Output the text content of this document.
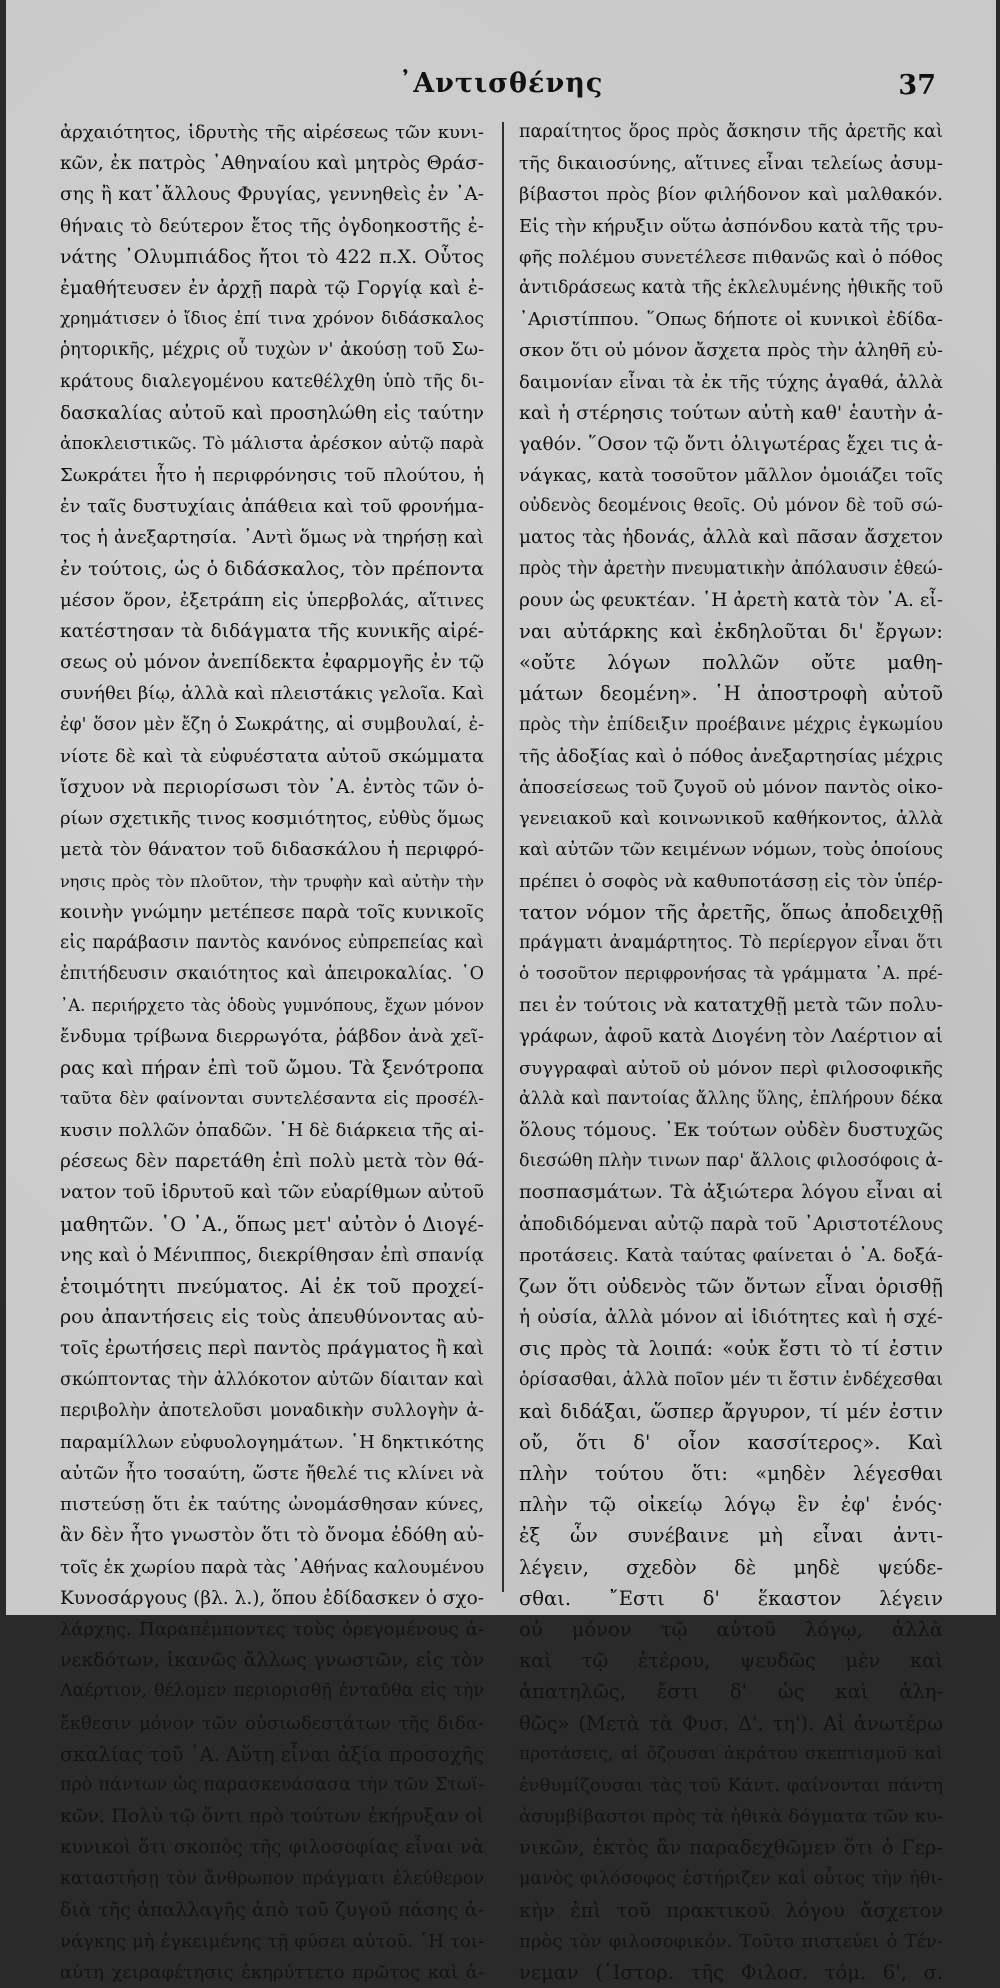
᾿Αντισθένης	37
ἀρχαιότητος, ἱδρυτὴς τῆς αἱρέσεως τῶν κυνι-
κῶν, ἐκ πατρὸς ᾿Αθηναίου καὶ μητρὸς Θράσ-
σης ἢ κατ᾿ἄλλους Φρυγίας, γεννηθεὶς ἐν ᾿Α-
θήναις τὸ δεύτερον ἔτος τῆς ὀγδοηκοστῆς ἐ-
νάτης ᾿Ολυμπιάδος ἤτοι τὸ 422 π.Χ. Οὗτος
ἐμαθήτευσεν ἐν ἀρχῇ παρὰ τῷ Γοργίᾳ καὶ ἐ-
χρημάτισεν ὁ ἴδιος ἐπί τινα χρόνον διδάσκαλος
ῥητορικῆς, μέχρις οὗ τυχὼν ν' ἀκούσῃ τοῦ Σω-
κράτους διαλεγομένου κατεθέλχθη ὑπὸ τῆς δι-
δασκαλίας αὐτοῦ καὶ προσηλώθη εἰς ταύτην
ἀποκλειστικῶς. Τὸ μάλιστα ἀρέσκον αὐτῷ παρὰ
Σωκράτει ἦτο ἡ περιφρόνησις τοῦ πλούτου, ἡ
ἐν ταῖς δυστυχίαις ἀπάθεια καὶ τοῦ φρονήμα-
τος ἡ ἀνεξαρτησία. ᾿Αντὶ ὅμως νὰ τηρήσῃ καὶ
ἐν τούτοις, ὡς ὁ διδάσκαλος, τὸν πρέποντα
μέσον ὅρον, ἐξετράπη εἰς ὑπερβολάς, αἵτινες
κατέστησαν τὰ διδάγματα τῆς κυνικῆς αἱρέ-
σεως οὐ μόνον ἀνεπίδεκτα ἐφαρμογῆς ἐν τῷ
συνήθει βίῳ, ἀλλὰ καὶ πλειστάκις γελοῖα. Καὶ
ἐφ' ὅσον μὲν ἔζη ὁ Σωκράτης, αἱ συμβουλαί, ἐ-
νίοτε δὲ καὶ τὰ εὐφυέστατα αὐτοῦ σκώμματα
ἴσχυον νὰ περιορίσωσι τὸν ᾿Α. ἐντὸς τῶν ὁ-
ρίων σχετικῆς τινος κοσμιότητος, εὐθὺς ὅμως
μετὰ τὸν θάνατον τοῦ διδασκάλου ἡ περιφρό-
νησις πρὸς τὸν πλοῦτον, τὴν τρυφὴν καὶ αὐτὴν τὴν
κοινὴν γνώμην μετέπεσε παρὰ τοῖς κυνικοῖς
εἰς παράβασιν παντὸς κανόνος εὐπρεπείας καὶ
ἐπιτήδευσιν σκαιότητος καὶ ἀπειροκαλίας. ῾Ο
᾿Α. περιήρχετο τὰς ὁδοὺς γυμνόπους, ἔχων μόνον
ἔνδυμα τρίβωνα διερρωγότα, ῥάβδον ἀνὰ χεῖ-
ρας καὶ πήραν ἐπὶ τοῦ ὤμου. Τὰ ξενότροπα
ταῦτα δὲν φαίνονται συντελέσαντα εἰς προσέλ-
κυσιν πολλῶν ὀπαδῶν. ῾Η δὲ διάρκεια τῆς αἱ-
ρέσεως δὲν παρετάθη ἐπὶ πολὺ μετὰ τὸν θά-
νατον τοῦ ἱδρυτοῦ καὶ τῶν εὐαρίθμων αὐτοῦ
μαθητῶν. ῾Ο ᾿Α., ὅπως μετ' αὐτὸν ὁ Διογέ-
νης καὶ ὁ Μένιππος, διεκρίθησαν ἐπὶ σπανίᾳ
ἑτοιμότητι πνεύματος. Αἱ ἐκ τοῦ προχεί-
ρου ἀπαντήσεις εἰς τοὺς ἀπευθύνοντας αὐ-
τοῖς ἐρωτήσεις περὶ παντὸς πράγματος ἢ καὶ
σκώπτοντας τὴν ἀλλόκοτον αὐτῶν δίαιταν καὶ
περιβολὴν ἀποτελοῦσι μοναδικὴν συλλογὴν ἀ-
παραμίλλων εὐφυολογημάτων. ῾Η δηκτικότης
αὐτῶν ἦτο τοσαύτη, ὥστε ἤθελέ τις κλίνει νὰ
πιστεύσῃ ὅτι ἐκ ταύτης ὠνομάσθησαν κύνες,
ἂν δὲν ἦτο γνωστὸν ὅτι τὸ ὄνομα ἐδόθη αὐ-
τοῖς ἐκ χωρίου παρὰ τὰς ᾿Αθήνας καλουμένου
Κυνοσάργους (βλ. λ.), ὅπου ἐδίδασκεν ὁ σχο-
λάρχης. Παραπέμποντες τοὺς ὀρεγομένους ἀ-
νεκδότων, ἱκανῶς ἄλλως γνωστῶν, εἰς τὸν
Λαέρτιον, θέλομεν περιορισθῇ ἐνταῦθα εἰς τὴν
ἔκθεσιν μόνον τῶν οὐσιωδεστάτων τῆς διδα-
σκαλίας τοῦ ᾿Α. Αὕτη εἶναι ἀξία προσοχῆς
πρὸ πάντων ὡς παρασκευάσασα τὴν τῶν Στωϊ-
κῶν. Πολὺ τῷ ὄντι πρὸ τούτων ἐκήρυξαν οἱ
κυνικοὶ ὅτι σκοπὸς τῆς φιλοσοφίας εἶναι νὰ
καταστήσῃ τὸν ἄνθρωπον πράγματι ἐλεύθερον
διὰ τῆς ἀπαλλαγῆς ἀπὸ τοῦ ζυγοῦ πάσης ἀ-
νάγκης μὴ ἐγκειμένης τῇ φύσει αὐτοῦ. ῾Η τοι-
αύτη χειραφέτησις ἐκηρύττετο πρῶτος καὶ ἀ-
παραίτητος ὅρος πρὸς ἄσκησιν τῆς ἀρετῆς καὶ
τῆς δικαιοσύνης, αἵτινες εἶναι τελείως ἀσυμ-
βίβαστοι πρὸς βίον φιλήδονον καὶ μαλθακόν.
Εἰς τὴν κήρυξιν οὕτω ἀσπόνδου κατὰ τῆς τρυ-
φῆς πολέμου συνετέλεσε πιθανῶς καὶ ὁ πόθος
ἀντιδράσεως κατὰ τῆς ἐκλελυμένης ἠθικῆς τοῦ
᾿Αριστίππου. ῞Οπως δήποτε οἱ κυνικοὶ ἐδίδα-
σκον ὅτι οὐ μόνον ἄσχετα πρὸς τὴν ἀληθῆ εὐ-
δαιμονίαν εἶναι τὰ ἐκ τῆς τύχης ἀγαθά, ἀλλὰ
καὶ ἡ στέρησις τούτων αὐτὴ καθ' ἑαυτὴν ἀ-
γαθόν. ῞Οσον τῷ ὄντι ὀλιγωτέρας ἔχει τις ἀ-
νάγκας, κατὰ τοσοῦτον μᾶλλον ὁμοιάζει τοῖς
οὐδενὸς δεομένοις θεοῖς. Οὐ μόνον δὲ τοῦ σώ-
ματος τὰς ἡδονάς, ἀλλὰ καὶ πᾶσαν ἄσχετον
πρὸς τὴν ἀρετὴν πνευματικὴν ἀπόλαυσιν ἐθεώ-
ρουν ὡς φευκτέαν. ῾Η ἀρετὴ κατὰ τὸν ᾿Α. εἶ-
ναι αὐτάρκης καὶ ἐκδηλοῦται δι' ἔργων:
«οὔτε λόγων πολλῶν οὔτε μαθη-
μάτων δεομένη». ῾Η ἀποστροφὴ αὐτοῦ
πρὸς τὴν ἐπίδειξιν προέβαινε μέχρις ἐγκωμίου
τῆς ἀδοξίας καὶ ὁ πόθος ἀνεξαρτησίας μέχρις
ἀποσείσεως τοῦ ζυγοῦ οὐ μόνον παντὸς οἰκο-
γενειακοῦ καὶ κοινωνικοῦ καθήκοντος, ἀλλὰ
καὶ αὐτῶν τῶν κειμένων νόμων, τοὺς ὁποίους
πρέπει ὁ σοφὸς νὰ καθυποτάσσῃ εἰς τὸν ὑπέρ-
τατον νόμον τῆς ἀρετῆς, ὅπως ἀποδειχθῇ
πράγματι ἀναμάρτητος. Τὸ περίεργον εἶναι ὅτι
ὁ τοσοῦτον περιφρονήσας τὰ γράμματα ᾿Α. πρέ-
πει ἐν τούτοις νὰ κατατχθῇ μετὰ τῶν πολυ-
γράφων, ἀφοῦ κατὰ Διογένη τὸν Λαέρτιον αἱ
συγγραφαὶ αὐτοῦ οὐ μόνον περὶ φιλοσοφικῆς
ἀλλὰ καὶ παντοίας ἄλλης ὕλης, ἐπλήρουν δέκα
ὅλους τόμους. ᾿Εκ τούτων οὐδὲν δυστυχῶς
διεσώθη πλὴν τινων παρ' ἄλλοις φιλοσόφοις ἀ-
ποσπασμάτων. Τὰ ἀξιώτερα λόγου εἶναι αἱ
ἀποδιδόμεναι αὐτῷ παρὰ τοῦ ᾿Αριστοτέλους
προτάσεις. Κατὰ ταύτας φαίνεται ὁ ᾿Α. δοξά-
ζων ὅτι οὐδενὸς τῶν ὄντων εἶναι ὁρισθῇ
ἡ οὐσία, ἀλλὰ μόνον αἱ ἰδιότητες καὶ ἡ σχέ-
σις πρὸς τὰ λοιπά: «οὐκ ἔστι τὸ τί ἐστιν
ὁρίσασθαι, ἀλλὰ ποῖον μέν τι ἔστιν ἐνδέχεσθαι
καὶ διδάξαι, ὥσπερ ἄργυρον, τί μέν ἐστιν
οὔ, ὅτι δ' οἷον κασσίτερος». Καὶ
πλὴν τούτου ὅτι: «μηδὲν λέγεσθαι
πλὴν τῷ οἰκείῳ λόγῳ ἓν ἐφ' ἑνός·
ἐξ ὧν συνέβαινε μὴ εἶναι ἀντι-
λέγειν, σχεδὸν δὲ μηδὲ ψεύδε-
σθαι. ῎Εστι δ' ἕκαστον λέγειν
οὐ μόνον τῷ αὐτοῦ λόγῳ, ἀλλὰ
καὶ τῷ ἑτέρου, ψευδῶς μὲν καὶ
ἀπατηλῶς, ἔστι δ' ὡς καὶ ἀλη-
θῶς» (Μετὰ τὰ Φυσ. Δ'. τη'). Αἱ ἀνωτέρω
προτάσεις, αἱ ὄζουσαι ἀκράτου σκεπτισμοῦ καὶ
ἐνθυμίζουσαι τὰς τοῦ Κάντ. φαίνονται πάντη
ἀσυμβίβαστοι πρὸς τὰ ἠθικὰ δόγματα τῶν κυ-
νικῶν, ἐκτὸς ἂν παραδεχθῶμεν ὅτι ὁ Γερ-
μανὸς φιλόσοφος ἐστήριζεν καὶ οὗτος τὴν ἠθι-
κὴν ἐπὶ τοῦ πρακτικοῦ λόγου ἄσχετον
πρὸς τὸν φιλοσοφικόν. Τοῦτο πιστεύει ὁ Τέν-
νεμαν (῾Ιστορ. τῆς Φιλοσ. τόμ. 6', σ.
